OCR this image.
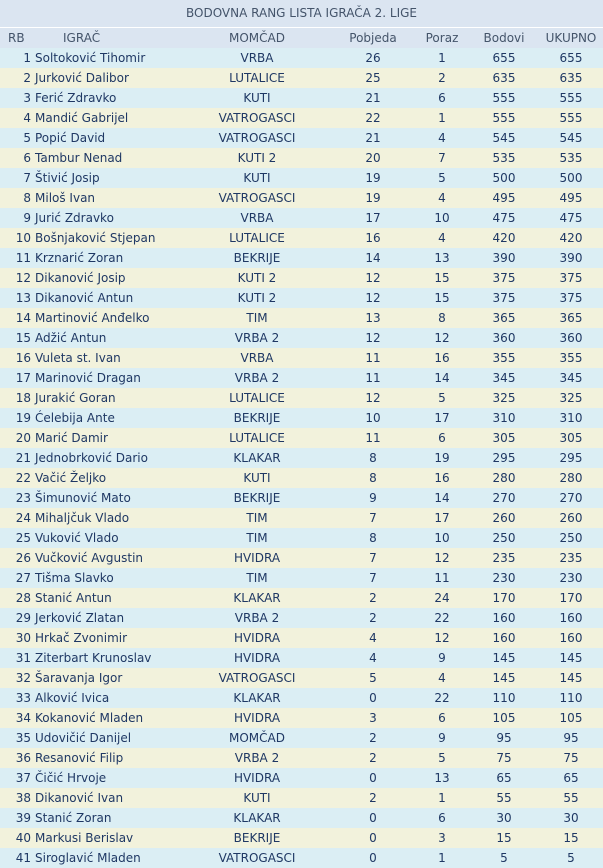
BODOVNA RANG LISTA IGRAČA 2. LIGE
RB	IGRAČ	MOMČAD	Pobjeda	Poraz	Bodovi	UKUPNO
1 Soltoković Tihomir	VRBA	26	1	655	655
2 Jurković Dalibor	LUTALICE	25	2	635	635
3 Ferić Zdravko	KUTI	21	6	555	555
4 Mandić Gabrijel	VATROGASCI	22	1	555	555
5 Popić David	VATROGASCI	21	4	545	545
6 Tambur Nenad	KUTI 2	20	7	535	535
7 Štivić Josip	KUTI	19	5	500	500
8 Miloš Ivan	VATROGASCI	19	4	495	495
9 Jurić Zdravko	VRBA	17	10	475	475
10 Bošnjaković Stjepan	LUTALICE	16	4	420	420
11 Krznarić Zoran	BEKRIJE	14	13	390	390
12 Dikanović Josip	KUTI 2	12	15	375	375
13 Dikanović Antun	KUTI 2	12	15	375	375
14 Martinović Anđelko	TIM	13	8	365	365
15 Adžić Antun	VRBA 2	12	12	360	360
16 Vuleta st. Ivan	VRBA	11	16	355	355
17 Marinović Dragan	VRBA 2	11	14	345	345
18 Jurakić Goran	LUTALICE	12	5	325	325
19 Ćelebija Ante	BEKRIJE	10	17	310	310
20 Marić Damir	LUTALICE	11	6	305	305
21 Jednobrković Dario	KLAKAR	8	19	295	295
22 Vačić Željko	KUTI	8	16	280	280
23 Šimunović Mato	BEKRIJE	9	14	270	270
24 Mihaljčuk Vlado	TIM	7	17	260	260
25 Vuković Vlado	TIM	8	10	250	250
26 Vučković Avgustin	HVIDRA	7	12	235	235
27 Tišma Slavko	TIM	7	11	230	230
28 Stanić Antun	KLAKAR	2	24	170	170
29 Jerković Zlatan	VRBA 2	2	22	160	160
30 Hrkač Zvonimir	HVIDRA	4	12	160	160
31 Ziterbart Krunoslav	HVIDRA	4	9	145	145
32 Šaravanja Igor	VATROGASCI	5	4	145	145
33 Alković Ivica	KLAKAR	0	22	110	110
34 Kokanović Mladen	HVIDRA	3	6	105	105
35 Udovičić Danijel	MOMČAD	2	9	95	95
36 Resanović Filip	VRBA 2	2	5	75	75
37 Čičić Hrvoje	HVIDRA	0	13	65	65
38 Dikanović Ivan	KUTI	2	1	55	55
39 Stanić Zoran	KLAKAR	0	6	30	30
40 Markusi Berislav	BEKRIJE	0	3	15	15
41 Siroglavić Mladen	VATROGASCI	0	1	5	5
